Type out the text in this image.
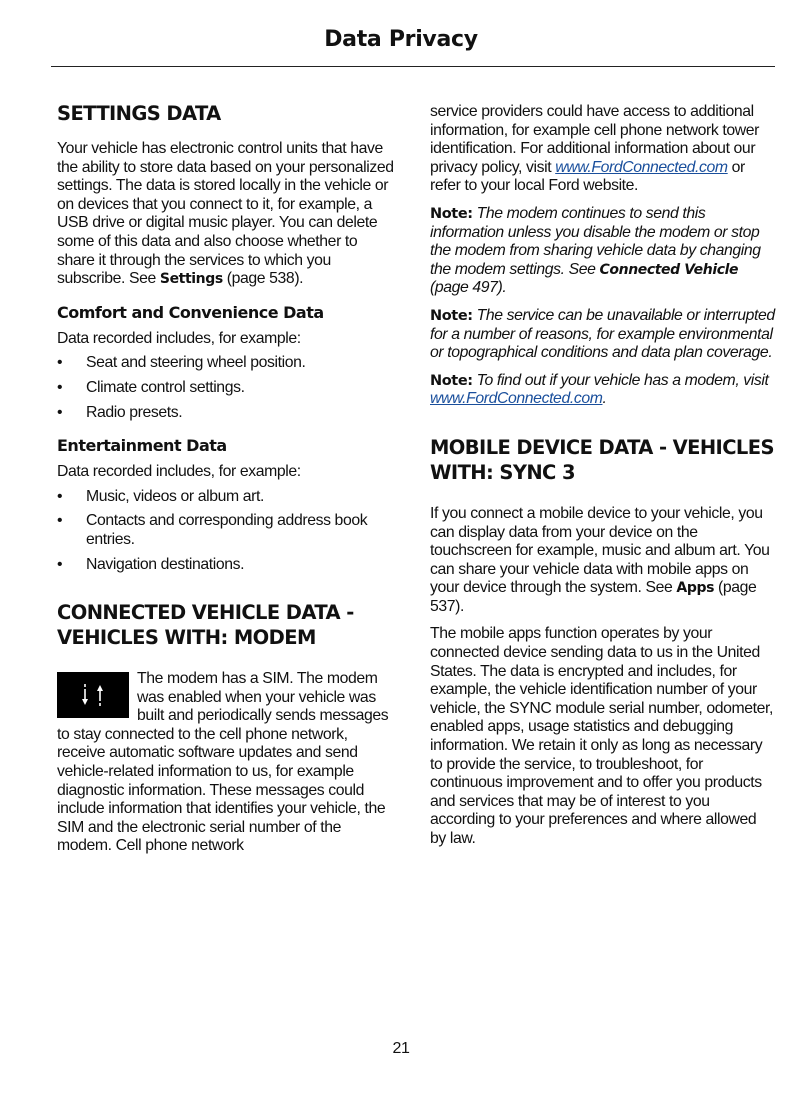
Data Privacy
SETTINGS DATA

Your vehicle has electronic control units that have the ability to store data based on your personalized settings. The data is stored locally in the vehicle or on devices that you connect to it, for example, a USB drive or digital music player. You can delete some of this data and also choose whether to share it through the services to which you subscribe. See Settings (page 538).

Comfort and Convenience Data

Data recorded includes, for example:

• Seat and steering wheel position.
• Climate control settings.
• Radio presets.
Entertainment Data

Data recorded includes, for example:

• Music, videos or album art.
• Contacts and corresponding address book entries.
• Navigation destinations.
CONNECTED VEHICLE DATA - VEHICLES WITH: MODEM

The modem has a SIM. The modem was enabled when your vehicle was built and periodically sends messages to stay connected to the cell phone network, receive automatic software updates and send vehicle-related information to us, for example diagnostic information. These messages could include information that identifies your vehicle, the SIM and the electronic serial number of the modem. Cell phone network

service providers could have access to additional information, for example cell phone network tower identification. For additional information about our privacy policy, visit www.FordConnected.com or refer to your local Ford website.

Note: The modem continues to send this information unless you disable the modem or stop the modem from sharing vehicle data by changing the modem settings. See Connected Vehicle (page 497).

Note: The service can be unavailable or interrupted for a number of reasons, for example environmental or topographical conditions and data plan coverage.

Note: To find out if your vehicle has a modem, visit www.FordConnected.com.

MOBILE DEVICE DATA - VEHICLES WITH: SYNC 3

If you connect a mobile device to your vehicle, you can display data from your device on the touchscreen for example, music and album art. You can share your vehicle data with mobile apps on your device through the system. See Apps (page 537).

The mobile apps function operates by your connected device sending data to us in the United States. The data is encrypted and includes, for example, the vehicle identification number of your vehicle, the SYNC module serial number, odometer, enabled apps, usage statistics and debugging information. We retain it only as long as necessary to provide the service, to troubleshoot, for continuous improvement and to offer you products and services that may be of interest to you according to your preferences and where allowed by law.

21
